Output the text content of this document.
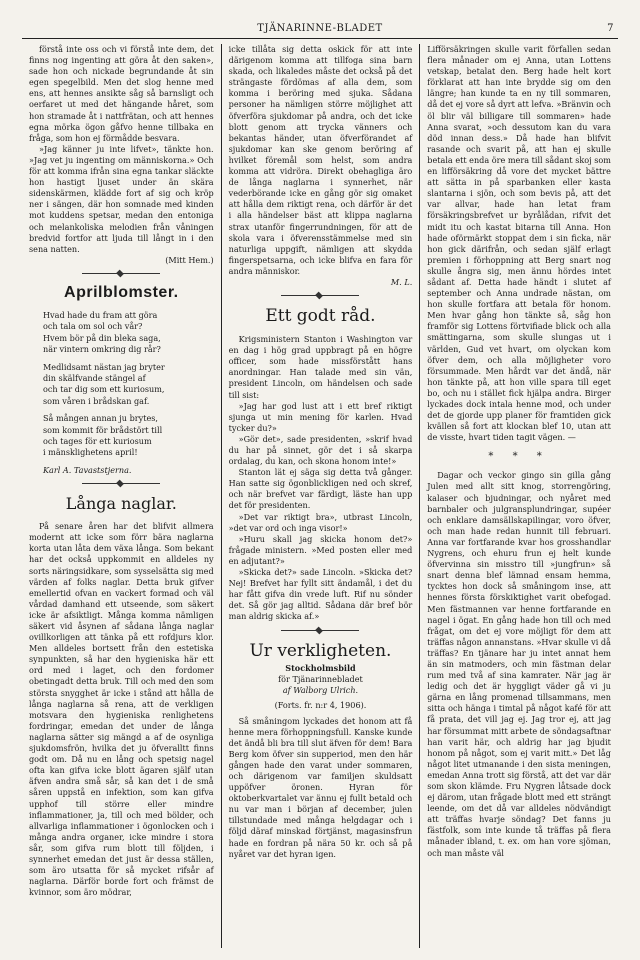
TJÄNARINNE-BLADET	7

förstå inte oss och vi förstå inte dem, det finns nog ingenting att göra åt den saken», sade hon och nickade begrundande åt sin egen spegelbild. Men det slog henne med ens, att hennes ansikte såg så barnsligt och oerfaret ut med det hängande håret, som hon stramade åt i nattfrätan, och att hennes egna mörka ögon gåfvo henne tillbaka en fråga, som hon ej förmådde besvara.

»Jag känner ju inte lifvet», tänkte hon. »Jag vet ju ingenting om människorna.» Och för att komma ifrån sina egna tankar släckte hon hastigt ljuset under än skära sidenskärmen, klädde fort af sig och kröp ner i sängen, där hon somnade med kinden mot kuddens spetsar, medan den entoniga och melankoliska melodien från våningen bredvid fortfor att ljuda till långt in i den sena natten.

(Mitt Hem.)

Aprilblomster.

Hvad hade du fram att göra

och tala om sol och vår?

Hvem bör på din bleka saga,

när vintern omkring dig rår?

Medlidsamt nästan jag bryter

din skälfvande stängel af

och tar dig som ett kuriosum,

som våren i brådskan gaf.

Så mången annan ju brytes,

som kommit för brådstört till

och tages för ett kuriosum

i mänsklighetens april!

Karl A. Tavaststjerna.

Långa naglar.

På senare åren har det blifvit allmera modernt att icke som förr bära naglarna korta utan låta dem växa långa. Som bekant har det också uppkommit en alldeles ny sorts näringsidkare, som sysselsätta sig med värden af folks naglar. Detta bruk gifver emellertid ofvan en vackert formad och väl vårdad damhand ett utseende, som säkert icke är afsiktligt. Många komma nämligen säkert vid åsynen af sådana långa naglar ovillkorligen att tänka på ett rofdjurs klor. Men alldeles bortsett från den estetiska synpunkten, så har den hygieniska här ett ord med i laget, och den fordomer obetingadt detta bruk. Till och med den som största snygghet är icke i stånd att hålla de långa naglarna så rena, att de verkligen motsvara den hygieniska renlighetens fordringar, emedan det under de långa naglarna sätter sig mängd a af de osynliga sjukdomsfrön, hvilka det ju öfveralltt finns godt om. Då nu en lång och spetsig nagel ofta kan gifva icke blott ägaren själf utan äfven andra små sår, så kan det i de små såren uppstå en infektion, som kan gifva upphof till större eller mindre inflammationer, ja, till och med bölder, och allvarliga inflammationer i ögonlocken och i många andra organer, icke mindre i stora sår, som gifva rum blott till följden, i synnerhet emedan det just är dessa ställen, som äro utsatta för så mycket rifsår af naglarna. Därför borde fort och främst de kvinnor, som äro mödrar,

icke tillåta sig detta oskick för att inte därigenom komma att tillfoga sina barn skada, och likaledes måste det också på det strängaste fördömas af alla dem, som komma i beröring med sjuka. Sådana personer ha nämligen större möjlighet att öfverföra sjukdomar på andra, och det icke blott genom att trycka vänners och bekantas händer, utan öfverförandet af sjukdomar kan ske genom beröring af hvilket föremål som helst, som andra komma att vidröra. Direkt obehagliga äro de långa naglarna i synnerhet, när vederbörande icke en gång gör sig omaket att hålla dem riktigt rena, och därför är det i alla händelser bäst att klippa naglarna strax utanför fingerrundningen, för att de skola vara i öfverensstämmelse med sin naturliga uppgift, nämligen att skydda fingerspetsarna, och icke blifva en fara för andra människor.

M. L.

Ett godt råd.

Krigsministern Stanton i Washington var en dag i hög grad uppbragt på en högre officer, som hade missförstått hans anordningar. Han talade med sin vän, president Lincoln, om händelsen och sade till sist:

»Jag har god lust att i ett bref riktigt sjunga ut min mening för karlen. Hvad tycker du?»

»Gör det», sade presidenten, »skrif hvad du har på sinnet, gör det i så skarpa ordalag, du kan, och skona honom inte!»

Stanton lät ej säga sig detta två gånger. Han satte sig ögonblickligen ned och skref, och när brefvet var färdigt, läste han upp det för presidenten.

»Det var riktigt bra», utbrast Lincoln, »det var ord och inga visor!»

»Huru skall jag skicka honom det?» frågade ministern. »Med posten eller med en adjutant?»

»Skicka det?» sade Lincoln. »Skicka det? Nej! Brefvet har fyllt sitt ändamål, i det du har fått gifva din vrede luft. Rif nu sönder det. Så gör jag alltid. Sådana där bref bör man aldrig skicka af.»

Ur verkligheten.

Stockholmsbild

för Tjänarinnebladet

af Walborg Ulrich.

(Forts. fr. n:r 4, 1906).

Så småningom lyckades det honom att få henne mera förhoppningsfull. Kanske kunde det ändå bli bra till slut äfven för dem! Bara Berg kom öfver sin supperiod, men den här gången hade den varat under sommaren, och därigenom var familjen skuldsatt uppöfver öronen. Hyran för oktoberkvartalet var ännu ej fullt betald och nu var man i början af december, julen tillstundade med många helgdagar och i följd däraf minskad förtjänst, magasinsfrun hade en fordran på nära 50 kr. och så på nyåret var det hyran igen.

Lifförsäkringen skulle varit förfallen sedan flera månader om ej Anna, utan Lottens vetskap, betalat den. Berg hade helt kort förklarat att han inte brydde sig om den längre; han kunde ta en ny till sommaren, då det ej vore så dyrt att lefva. »Bränvin och öl blir väl billigare till sommaren» hade Anna svarat, »och dessutom kan du vara död innan dess.» Då hade han blifvit rasande och svarit på, att han ej skulle betala ett enda öre mera till sådant skoj som en lifförsäkring då vore det mycket bättre att sätta in på sparbanken eller kasta slantarna i sjön, och som bevis på, att det var allvar, hade han letat fram försäkringsbrefvet ur byrålådan, rifvit det midt itu och kastat bitarna till Anna. Hon hade oförmärkt stoppat dem i sin ficka, när hon gick därifrån, och sedan själf erlagt premien i förhoppning att Berg snart nog skulle ångra sig, men ännu hördes intet sådant af. Detta hade händt i slutet af september och Anna undrade nästan, om hon skulle fortfara att betala för honom. Men hvar gång hon tänkte så, såg hon framför sig Lottens förtvifiade blick och alla smättingarna, som skulle slungas ut i världen, Gud vet hvart, om olyckan kom öfver dem, och alla möjligheter voro försummade. Men hårdt var det ändå, när hon tänkte på, att hon ville spara till eget bo, och nu i stället fick hjälpa andra. Birger lyckades dock intala henne mod, och under det de gjorde upp planer för framtiden gick kvällen så fort att klockan blef 10, utan att de visste, hvart tiden tagit vägen. —

* * *

Dagar och veckor gingo sin gilla gång Julen med allt sitt knog, storrengöring, kalaser och bjudningar, och nyåret med barnbaler och julgransplundringar, supéer och enklare damsällskapilingar, voro öfver, och man hade redan hunnit till februari. Anna var fortfarande kvar hos grosshandlar Nygrens, och ehuru frun ej helt kunde öfvervinna sin misstro till »jungfrun» så snart denna blef lämnad ensam hemma, tycktes hon dock så småningom inse, att hennes första förskiktighet varit obefogad. Men fästmannen var henne fortfarande en nagel i ögat. En gång hade hon till och med frågat, om det ej vore möjligt för dem att träffas någon annanstans. »Hvar skulle vi då träffas? En tjänare har ju intet annat hem än sin matmoders, och min fästman delar rum med två af sina kamrater. När jag är ledig och det är hyggligt väder gå vi ju gärna en lång promenad tillsammans, men sitta och hänga i timtal på något kafé för att få prata, det vill jag ej. Jag tror ej, att jag har försummat mitt arbete de söndagsaftnar han varit här, och aldrig har jag bjudit honom på något, som ej varit mitt.» Det låg något litet utmanande i den sista meningen, emedan Anna trott sig förstå, att det var där som skon klämde. Fru Nygren låtsade dock ej därom, utan frågade blott med ett strängt leende, om det då var alldeles nödvändigt att träffas hvarje söndag? Det fanns ju fästfolk, som inte kunde tå träffas på flera månader ibland, t. ex. om han vore sjöman, och man måste väl
